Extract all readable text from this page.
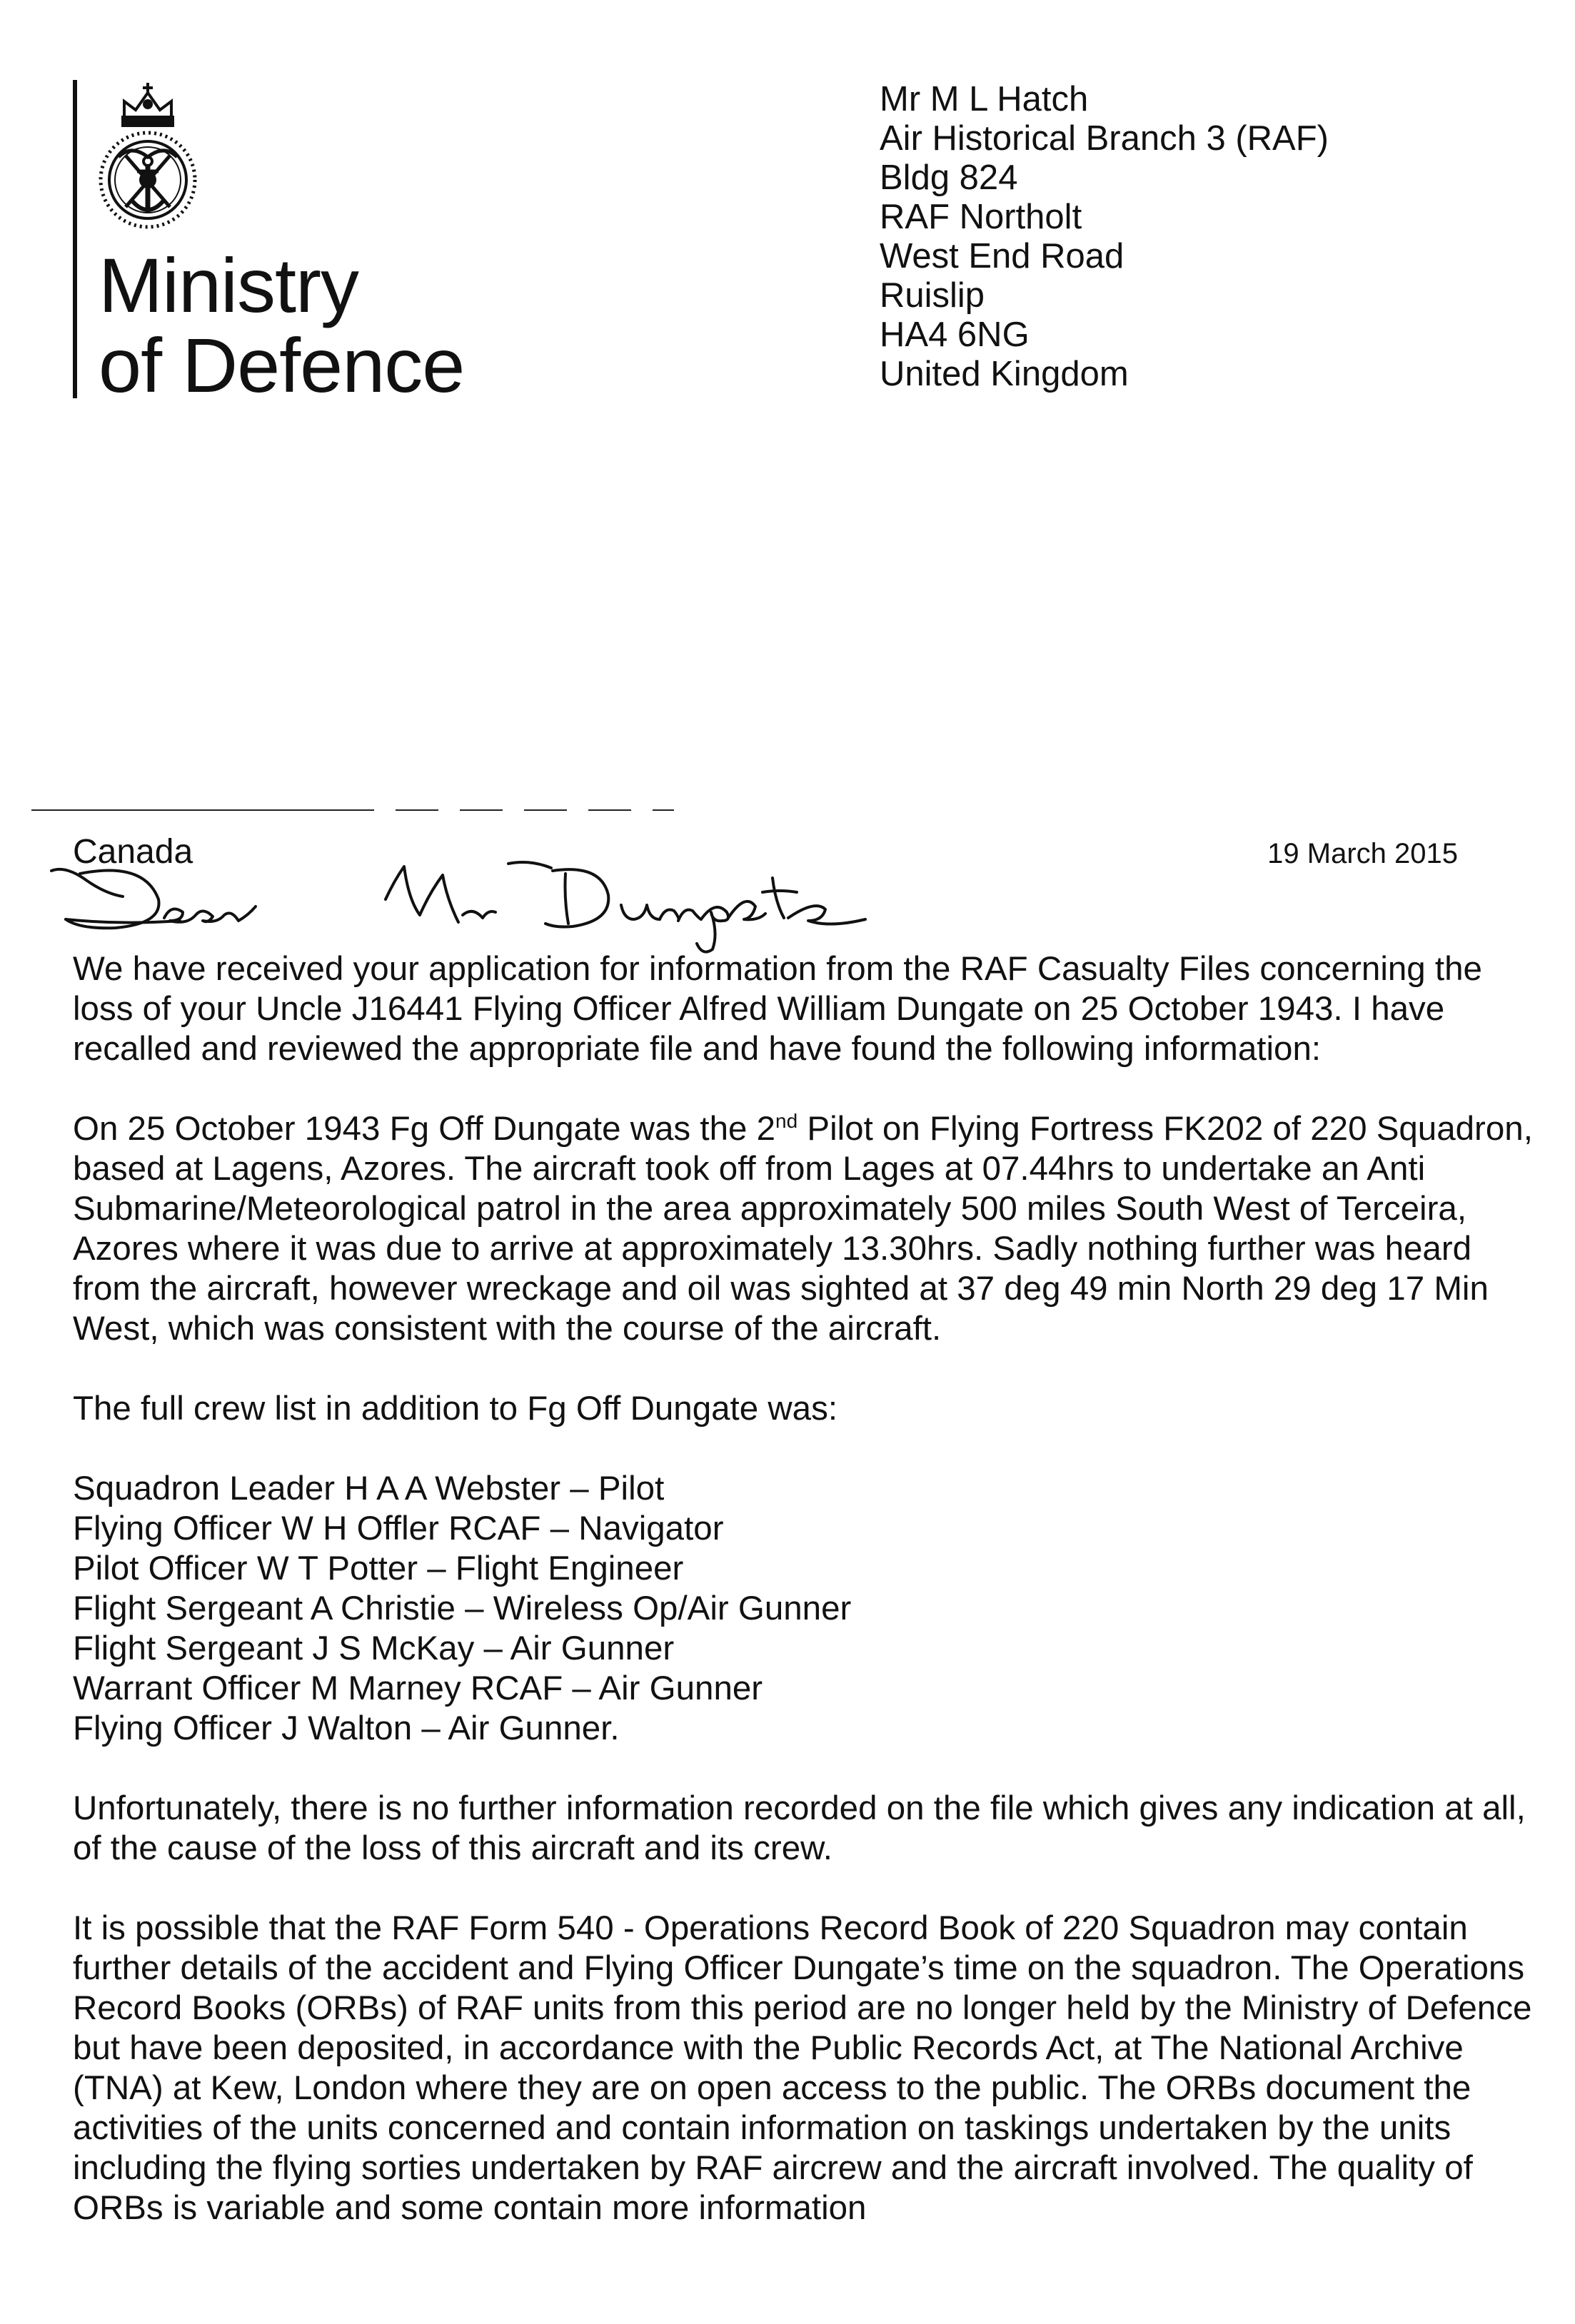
Ministry
of Defence
Mr M L Hatch
Air Historical Branch 3 (RAF)
Bldg 824
RAF Northolt
West End Road
Ruislip
HA4 6NG
United Kingdom
Canada	19 March 2015

We have received your application for information from the RAF Casualty Files concerning the loss of your Uncle J16441 Flying Officer Alfred William Dungate on 25 October 1943. I have recalled and reviewed the appropriate file and have found the following information:

On 25 October 1943 Fg Off Dungate was the 2nd Pilot on Flying Fortress FK202 of 220 Squadron, based at Lagens, Azores. The aircraft took off from Lages at 07.44hrs to undertake an Anti Submarine/Meteorological patrol in the area approximately 500 miles South West of Terceira, Azores where it was due to arrive at approximately 13.30hrs. Sadly nothing further was heard from the aircraft, however wreckage and oil was sighted at 37 deg 49 min North 29 deg 17 Min West, which was consistent with the course of the aircraft.

The full crew list in addition to Fg Off Dungate was:

Squadron Leader H A A Webster – Pilot
Flying Officer W H Offler RCAF – Navigator
Pilot Officer W T Potter – Flight Engineer
Flight Sergeant A Christie – Wireless Op/Air Gunner
Flight Sergeant J S McKay – Air Gunner
Warrant Officer M Marney RCAF – Air Gunner
Flying Officer J Walton – Air Gunner.

Unfortunately, there is no further information recorded on the file which gives any indication at all, of the cause of the loss of this aircraft and its crew.

It is possible that the RAF Form 540 - Operations Record Book of 220 Squadron may contain further details of the accident and Flying Officer Dungate’s time on the squadron. The Operations Record Books (ORBs) of RAF units from this period are no longer held by the Ministry of Defence but have been deposited, in accordance with the Public Records Act, at The National Archive (TNA) at Kew, London where they are on open access to the public. The ORBs document the activities of the units concerned and contain information on taskings undertaken by the units including the flying sorties undertaken by RAF aircrew and the aircraft involved. The quality of ORBs is variable and some contain more information
